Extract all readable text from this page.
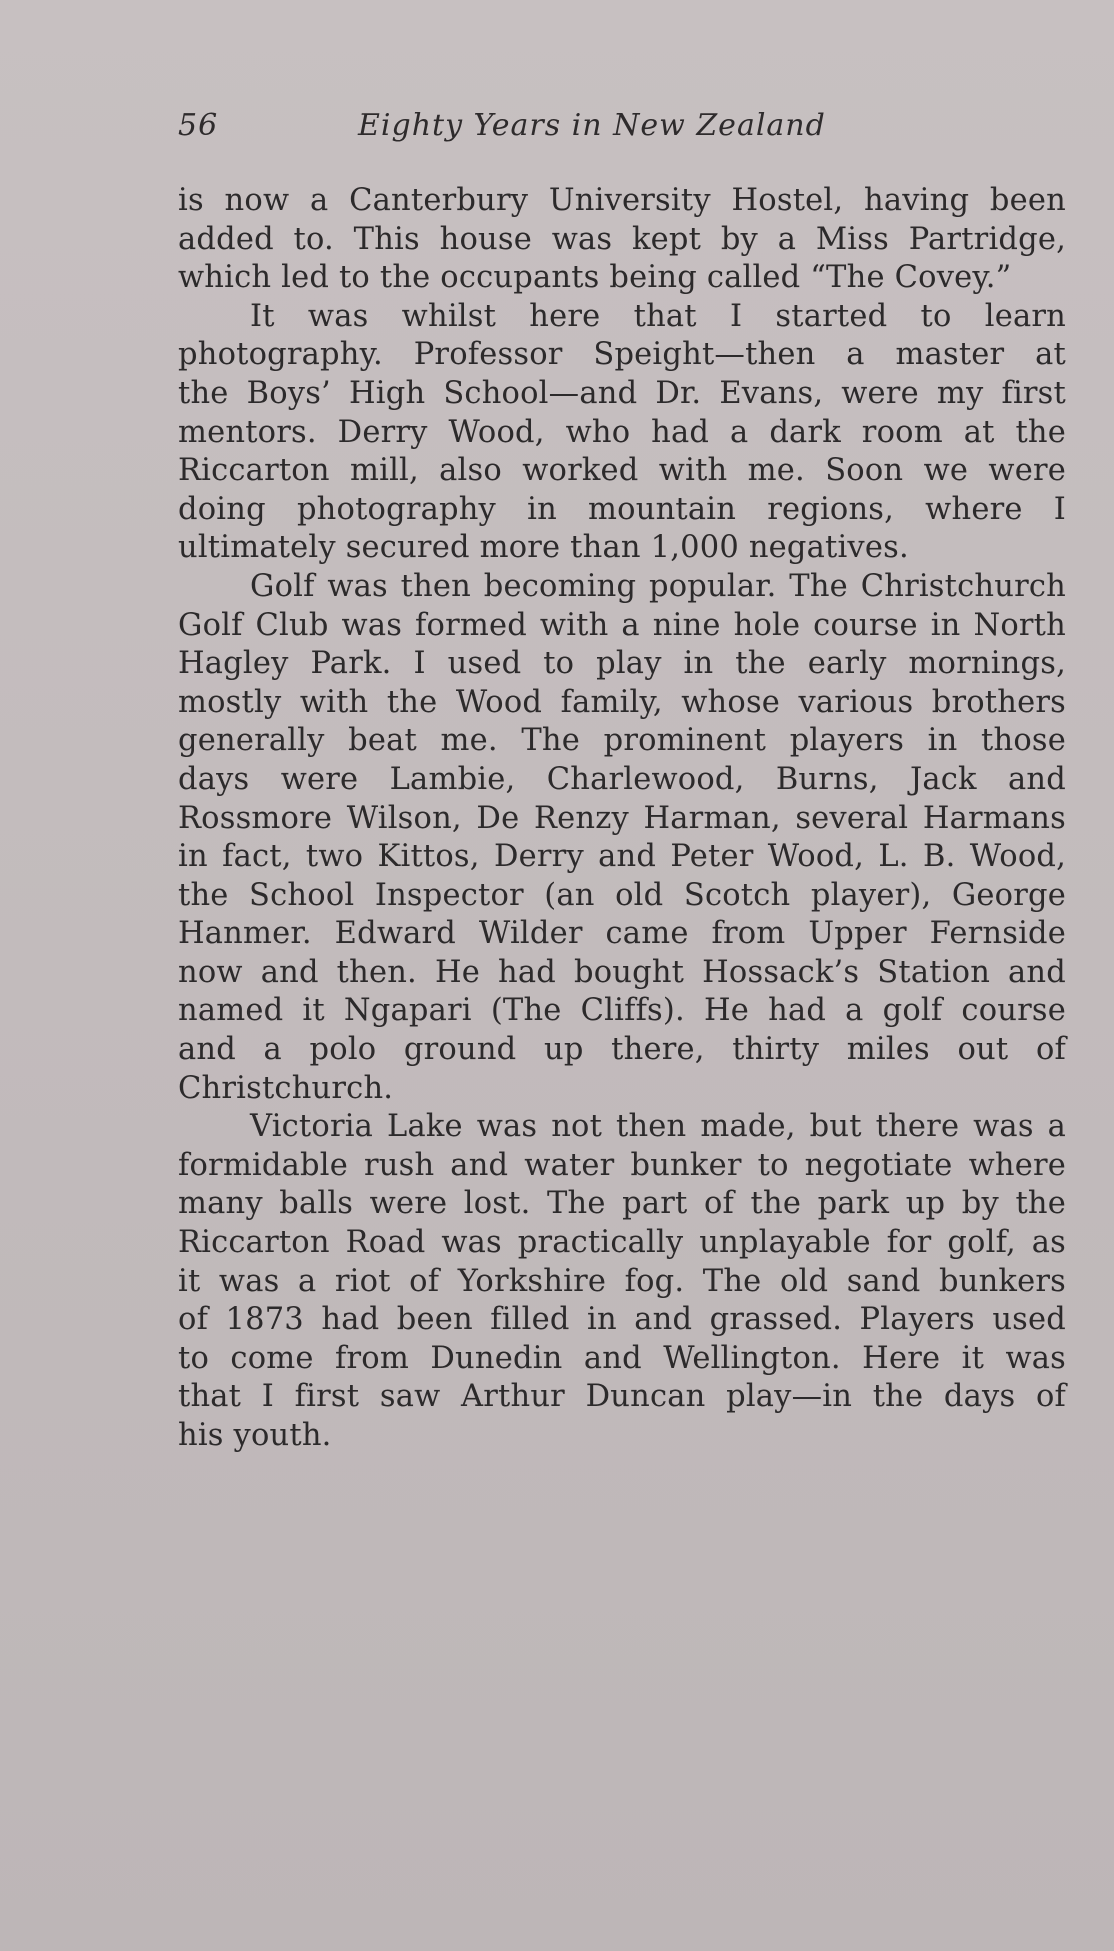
56	Eighty Years in New Zealand
is now a Canterbury University Hostel, having been
added to. This house was kept by a Miss Partridge,
which led to the occupants being called “The Covey.”
It was whilst here that I started to learn
photography. Professor Speight—then a master at
the Boys’ High School—and Dr. Evans, were my first
mentors. Derry Wood, who had a dark room at the
Riccarton mill, also worked with me. Soon we were
doing photography in mountain regions, where I
ultimately secured more than 1,000 negatives.
Golf was then becoming popular. The Christchurch
Golf Club was formed with a nine hole course in North
Hagley Park. I used to play in the early mornings,
mostly with the Wood family, whose various brothers
generally beat me. The prominent players in those
days were Lambie, Charlewood, Burns, Jack and
Rossmore Wilson, De Renzy Harman, several Harmans
in fact, two Kittos, Derry and Peter Wood, L. B. Wood,
the School Inspector (an old Scotch player), George
Hanmer. Edward Wilder came from Upper Fernside
now and then. He had bought Hossack’s Station and
named it Ngapari (The Cliffs). He had a golf course
and a polo ground up there, thirty miles out of
Christchurch.
Victoria Lake was not then made, but there was a
formidable rush and water bunker to negotiate where
many balls were lost. The part of the park up by the
Riccarton Road was practically unplayable for golf, as
it was a riot of Yorkshire fog. The old sand bunkers
of 1873 had been filled in and grassed. Players used
to come from Dunedin and Wellington. Here it was
that I first saw Arthur Duncan play—in the days of
his youth.
